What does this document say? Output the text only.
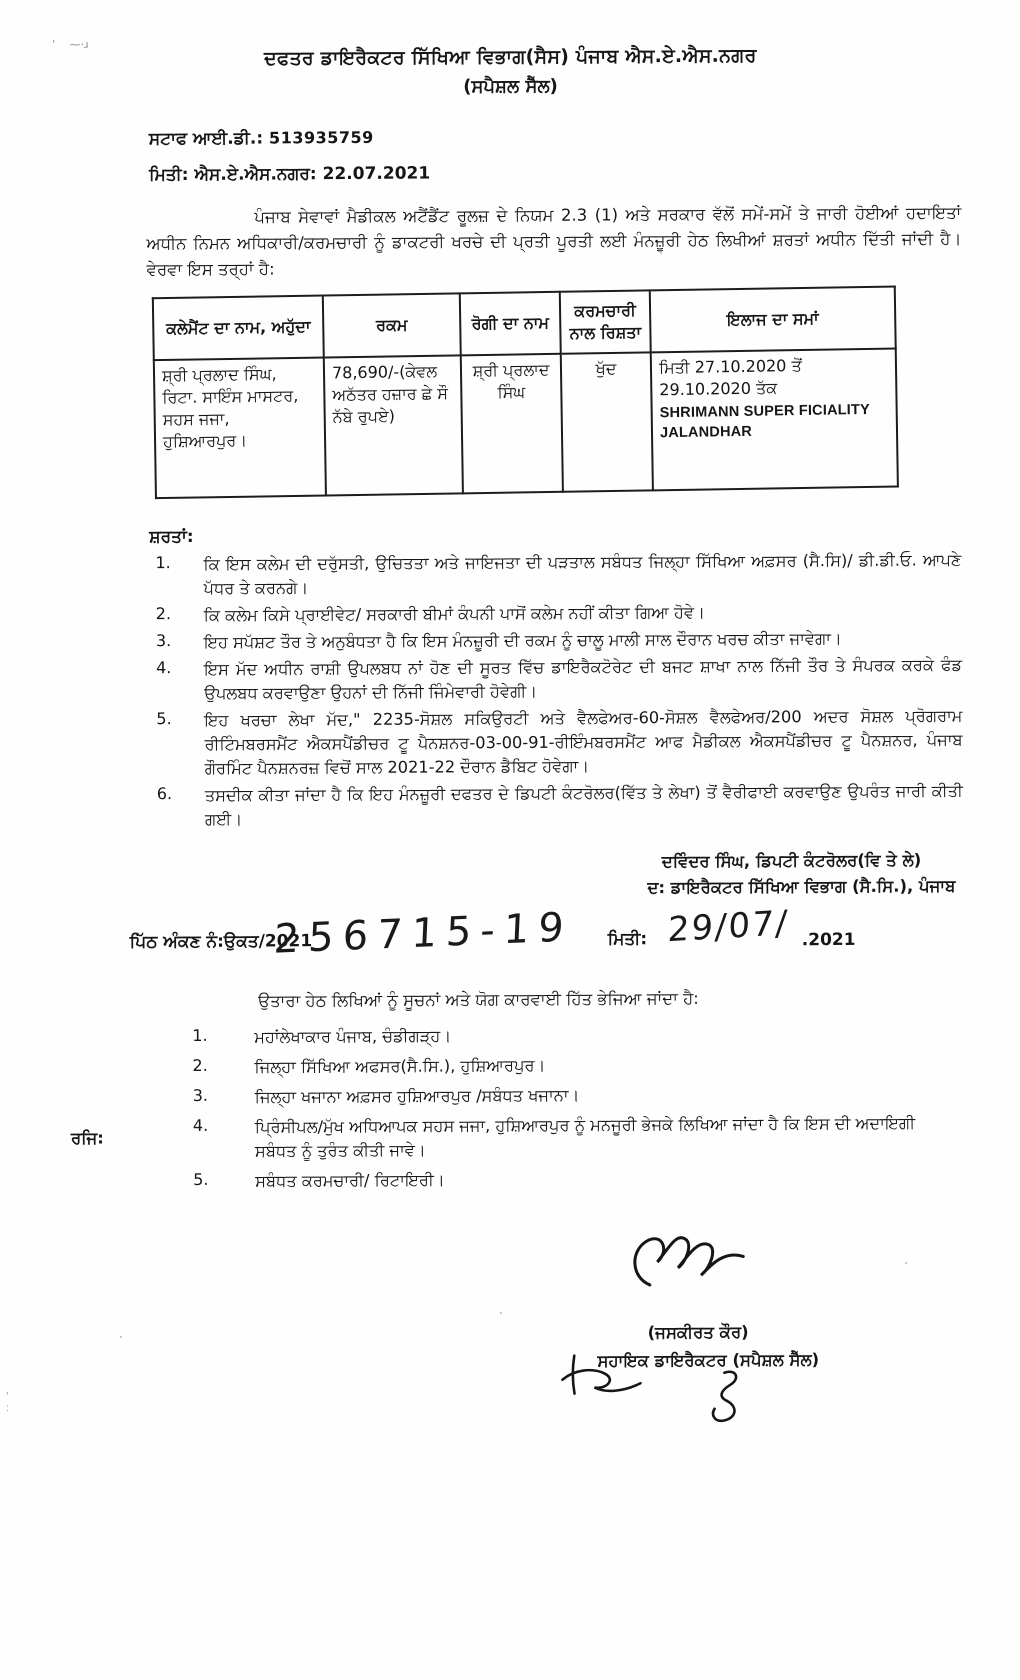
‘    ⁓·ɹ
ʹ
׃
ਦਫਤਰ ਡਾਇਰੈਕਟਰ ਸਿੱਖਿਆ ਵਿਭਾਗ(ਸੈਸ) ਪੰਜਾਬ ਐਸ.ਏ.ਐਸ.ਨਗਰ
(ਸਪੈਸ਼ਲ ਸੈੱਲ)
ਸਟਾਫ ਆਈ.ਡੀ.: 513935759
ਮਿਤੀ: ਐਸ.ਏ.ਐਸ.ਨਗਰ: 22.07.2021

ਪੰਜਾਬ ਸੇਵਾਵਾਂ ਮੈਡੀਕਲ ਅਟੈਂਡੈਂਟ ਰੂਲਜ਼ ਦੇ ਨਿਯਮ 2.3 (1) ਅਤੇ ਸਰਕਾਰ ਵੱਲੋਂ ਸਮੇਂ-ਸਮੇਂ ਤੇ ਜਾਰੀ ਹੋਈਆਂ ਹਦਾਇਤਾਂ ਅਧੀਨ ਨਿਮਨ ਅਧਿਕਾਰੀ/ਕਰਮਚਾਰੀ ਨੂੰ ਡਾਕਟਰੀ ਖਰਚੇ ਦੀ ਪ੍ਰਤੀ ਪੂਰਤੀ ਲਈ ਮੰਨਜ਼ੂਰੀ ਹੇਠ ਲਿਖੀਆਂ ਸ਼ਰਤਾਂ ਅਧੀਨ ਦਿੱਤੀ ਜਾਂਦੀ ਹੈ। ਵੇਰਵਾ ਇਸ ਤਰ੍ਹਾਂ ਹੈ:

ਕਲੇਮੈਂਟ ਦਾ ਨਾਮ, ਅਹੁੱਦਾ	ਰਕਮ	ਰੋਗੀ ਦਾ ਨਾਮ	ਕਰਮਚਾਰੀ ਨਾਲ ਰਿਸ਼ਤਾ	ਇਲਾਜ ਦਾ ਸਮਾਂ
ਸ਼੍ਰੀ ਪ੍ਰਲਾਦ ਸਿੰਘ, ਰਿਟਾ. ਸਾਇੰਸ ਮਾਸਟਰ, ਸਹਸ ਜਜਾ, ਹੁਸ਼ਿਆਰਪੁਰ।	78,690/-(ਕੇਵਲ ਅਠੱਤਰ ਹਜ਼ਾਰ ਛੇ ਸੌ ਨੱਬੇ ਰੁਪਏ)	ਸ਼੍ਰੀ ਪ੍ਰਲਾਦ ਸਿੰਘ	ਖੁੱਦ	ਮਿਤੀ 27.10.2020 ਤੋਂ
29.10.2020 ਤੱਕ
SHRIMANN SUPER FICIALITY JALANDHAR
ਸ਼ਰਤਾਂ:
1.	ਕਿ ਇਸ ਕਲੇਮ ਦੀ ਦਰੁੱਸਤੀ, ਉਚਿਤਤਾ ਅਤੇ ਜਾਇਜਤਾ ਦੀ ਪੜਤਾਲ ਸਬੰਧਤ ਜਿਲ੍ਹਾ ਸਿੱਖਿਆ ਅਫ਼ਸਰ (ਸੈ.ਸਿ)/ ਡੀ.ਡੀ.ਓ. ਆਪਣੇ ਪੱਧਰ ਤੇ ਕਰਨਗੇ।
2.	ਕਿ ਕਲੇਮ ਕਿਸੇ ਪ੍ਰਾਈਵੇਟ/ ਸਰਕਾਰੀ ਬੀਮਾਂ ਕੰਪਨੀ ਪਾਸੋਂ ਕਲੇਮ ਨਹੀਂ ਕੀਤਾ ਗਿਆ ਹੋਵੇ।
3.	ਇਹ ਸਪੱਸ਼ਟ ਤੌਰ ਤੇ ਅਨੁਬੰਧਤਾ ਹੈ ਕਿ ਇਸ ਮੰਨਜ਼ੂਰੀ ਦੀ ਰਕਮ ਨੂੰ ਚਾਲੂ ਮਾਲੀ ਸਾਲ ਦੌਰਾਨ ਖਰਚ ਕੀਤਾ ਜਾਵੇਗਾ।
4.	ਇਸ ਮੱਦ ਅਧੀਨ ਰਾਸ਼ੀ ਉਪਲਬਧ ਨਾਂ ਹੋਣ ਦੀ ਸੂਰਤ ਵਿੱਚ ਡਾਇਰੈਕਟੋਰੇਟ ਦੀ ਬਜਟ ਸ਼ਾਖਾ ਨਾਲ ਨਿੱਜੀ ਤੌਰ ਤੇ ਸੰਪਰਕ ਕਰਕੇ ਫੰਡ ਉਪਲਬਧ ਕਰਵਾਉਣਾ ਉਹਨਾਂ ਦੀ ਨਿੱਜੀ ਜਿੰਮੇਵਾਰੀ ਹੋਵੇਗੀ।
5.	ਇਹ ਖਰਚਾ ਲੇਖਾ ਮੱਦ," 2235-ਸੋਸ਼ਲ ਸਕਿਉਰਟੀ ਅਤੇ ਵੈਲਫੇਅਰ-60-ਸੋਸ਼ਲ ਵੈਲਫੇਅਰ/200 ਅਦਰ ਸੋਸ਼ਲ ਪ੍ਰੋਗਰਾਮ ਰੀਟਿੰਮਬਰਸਮੈਂਟ ਐਕਸਪੈਂਡੀਚਰ ਟੂ ਪੈਨਸ਼ਨਰ-03-00-91-ਰੀਇੰਮਬਰਸਮੈਂਟ ਆਫ ਮੈਡੀਕਲ ਐਕਸਪੈਂਡੀਚਰ ਟੂ ਪੈਨਸ਼ਨਰ, ਪੰਜਾਬ ਗੌਰਮਿੰਟ ਪੈਨਸ਼ਨਰਜ਼ ਵਿਚੋਂ ਸਾਲ 2021-22 ਦੌਰਾਨ ਡੈਬਿਟ ਹੋਵੇਗਾ।
6.	ਤਸਦੀਕ ਕੀਤਾ ਜਾਂਦਾ ਹੈ ਕਿ ਇਹ ਮੰਨਜ਼ੂਰੀ ਦਫਤਰ ਦੇ ਡਿਪਟੀ ਕੰਟਰੋਲਰ(ਵਿੱਤ ਤੇ ਲੇਖਾ) ਤੋਂ ਵੈਰੀਫਾਈ ਕਰਵਾਉਣ ਉਪਰੰਤ ਜਾਰੀ ਕੀਤੀ ਗਈ।
ਦਵਿੰਦਰ ਸਿੰਘ, ਡਿਪਟੀ ਕੰਟਰੋਲਰ(ਵਿ ਤੇ ਲੇ)
ਦ: ਡਾਇਰੈਕਟਰ ਸਿੱਖਿਆ ਵਿਭਾਗ (ਸੈ.ਸਿ.), ਪੰਜਾਬ
ਪਿੱਠ ਅੰਕਣ ਨੰ:ਉਕਤ/2021
256715-19 ਮਿਤੀ: 29/07/ .2021
ਉਤਾਰਾ ਹੇਠ ਲਿਖਿਆਂ ਨੂੰ ਸੂਚਨਾਂ ਅਤੇ ਯੋਗ ਕਾਰਵਾਈ ਹਿੱਤ ਭੇਜਿਆ ਜਾਂਦਾ ਹੈ:
ਰਜਿ:
1.	ਮਹਾਂਲੇਖਾਕਾਰ ਪੰਜਾਬ, ਚੰਡੀਗੜ੍ਹ।
2.	ਜਿਲ੍ਹਾ ਸਿੱਖਿਆ ਅਫਸਰ(ਸੈ.ਸਿ.), ਹੁਸ਼ਿਆਰਪੁਰ।
3.	ਜਿਲ੍ਹਾ ਖਜਾਨਾ ਅਫ਼ਸਰ ਹੁਸ਼ਿਆਰਪੁਰ /ਸਬੰਧਤ ਖਜਾਨਾ।
4.	ਪ੍ਰਿੰਸੀਪਲ/ਮੁੱਖ ਅਧਿਆਪਕ ਸਹਸ ਜਜਾ, ਹੁਸ਼ਿਆਰਪੁਰ ਨੂੰ ਮਨਜੂਰੀ ਭੇਜਕੇ ਲਿਖਿਆ ਜਾਂਦਾ ਹੈ ਕਿ ਇਸ ਦੀ ਅਦਾਇਗੀ ਸਬੰਧਤ ਨੂੰ ਤੁਰੰਤ ਕੀਤੀ ਜਾਵੇ।
5.	ਸਬੰਧਤ ਕਰਮਚਾਰੀ/ ਰਿਟਾਇਰੀ।
(ਜਸਕੀਰਤ ਕੌਰ)
ਸਹਾਇਕ ਡਾਇਰੈਕਟਰ (ਸਪੈਸ਼ਲ ਸੈੱਲ)
